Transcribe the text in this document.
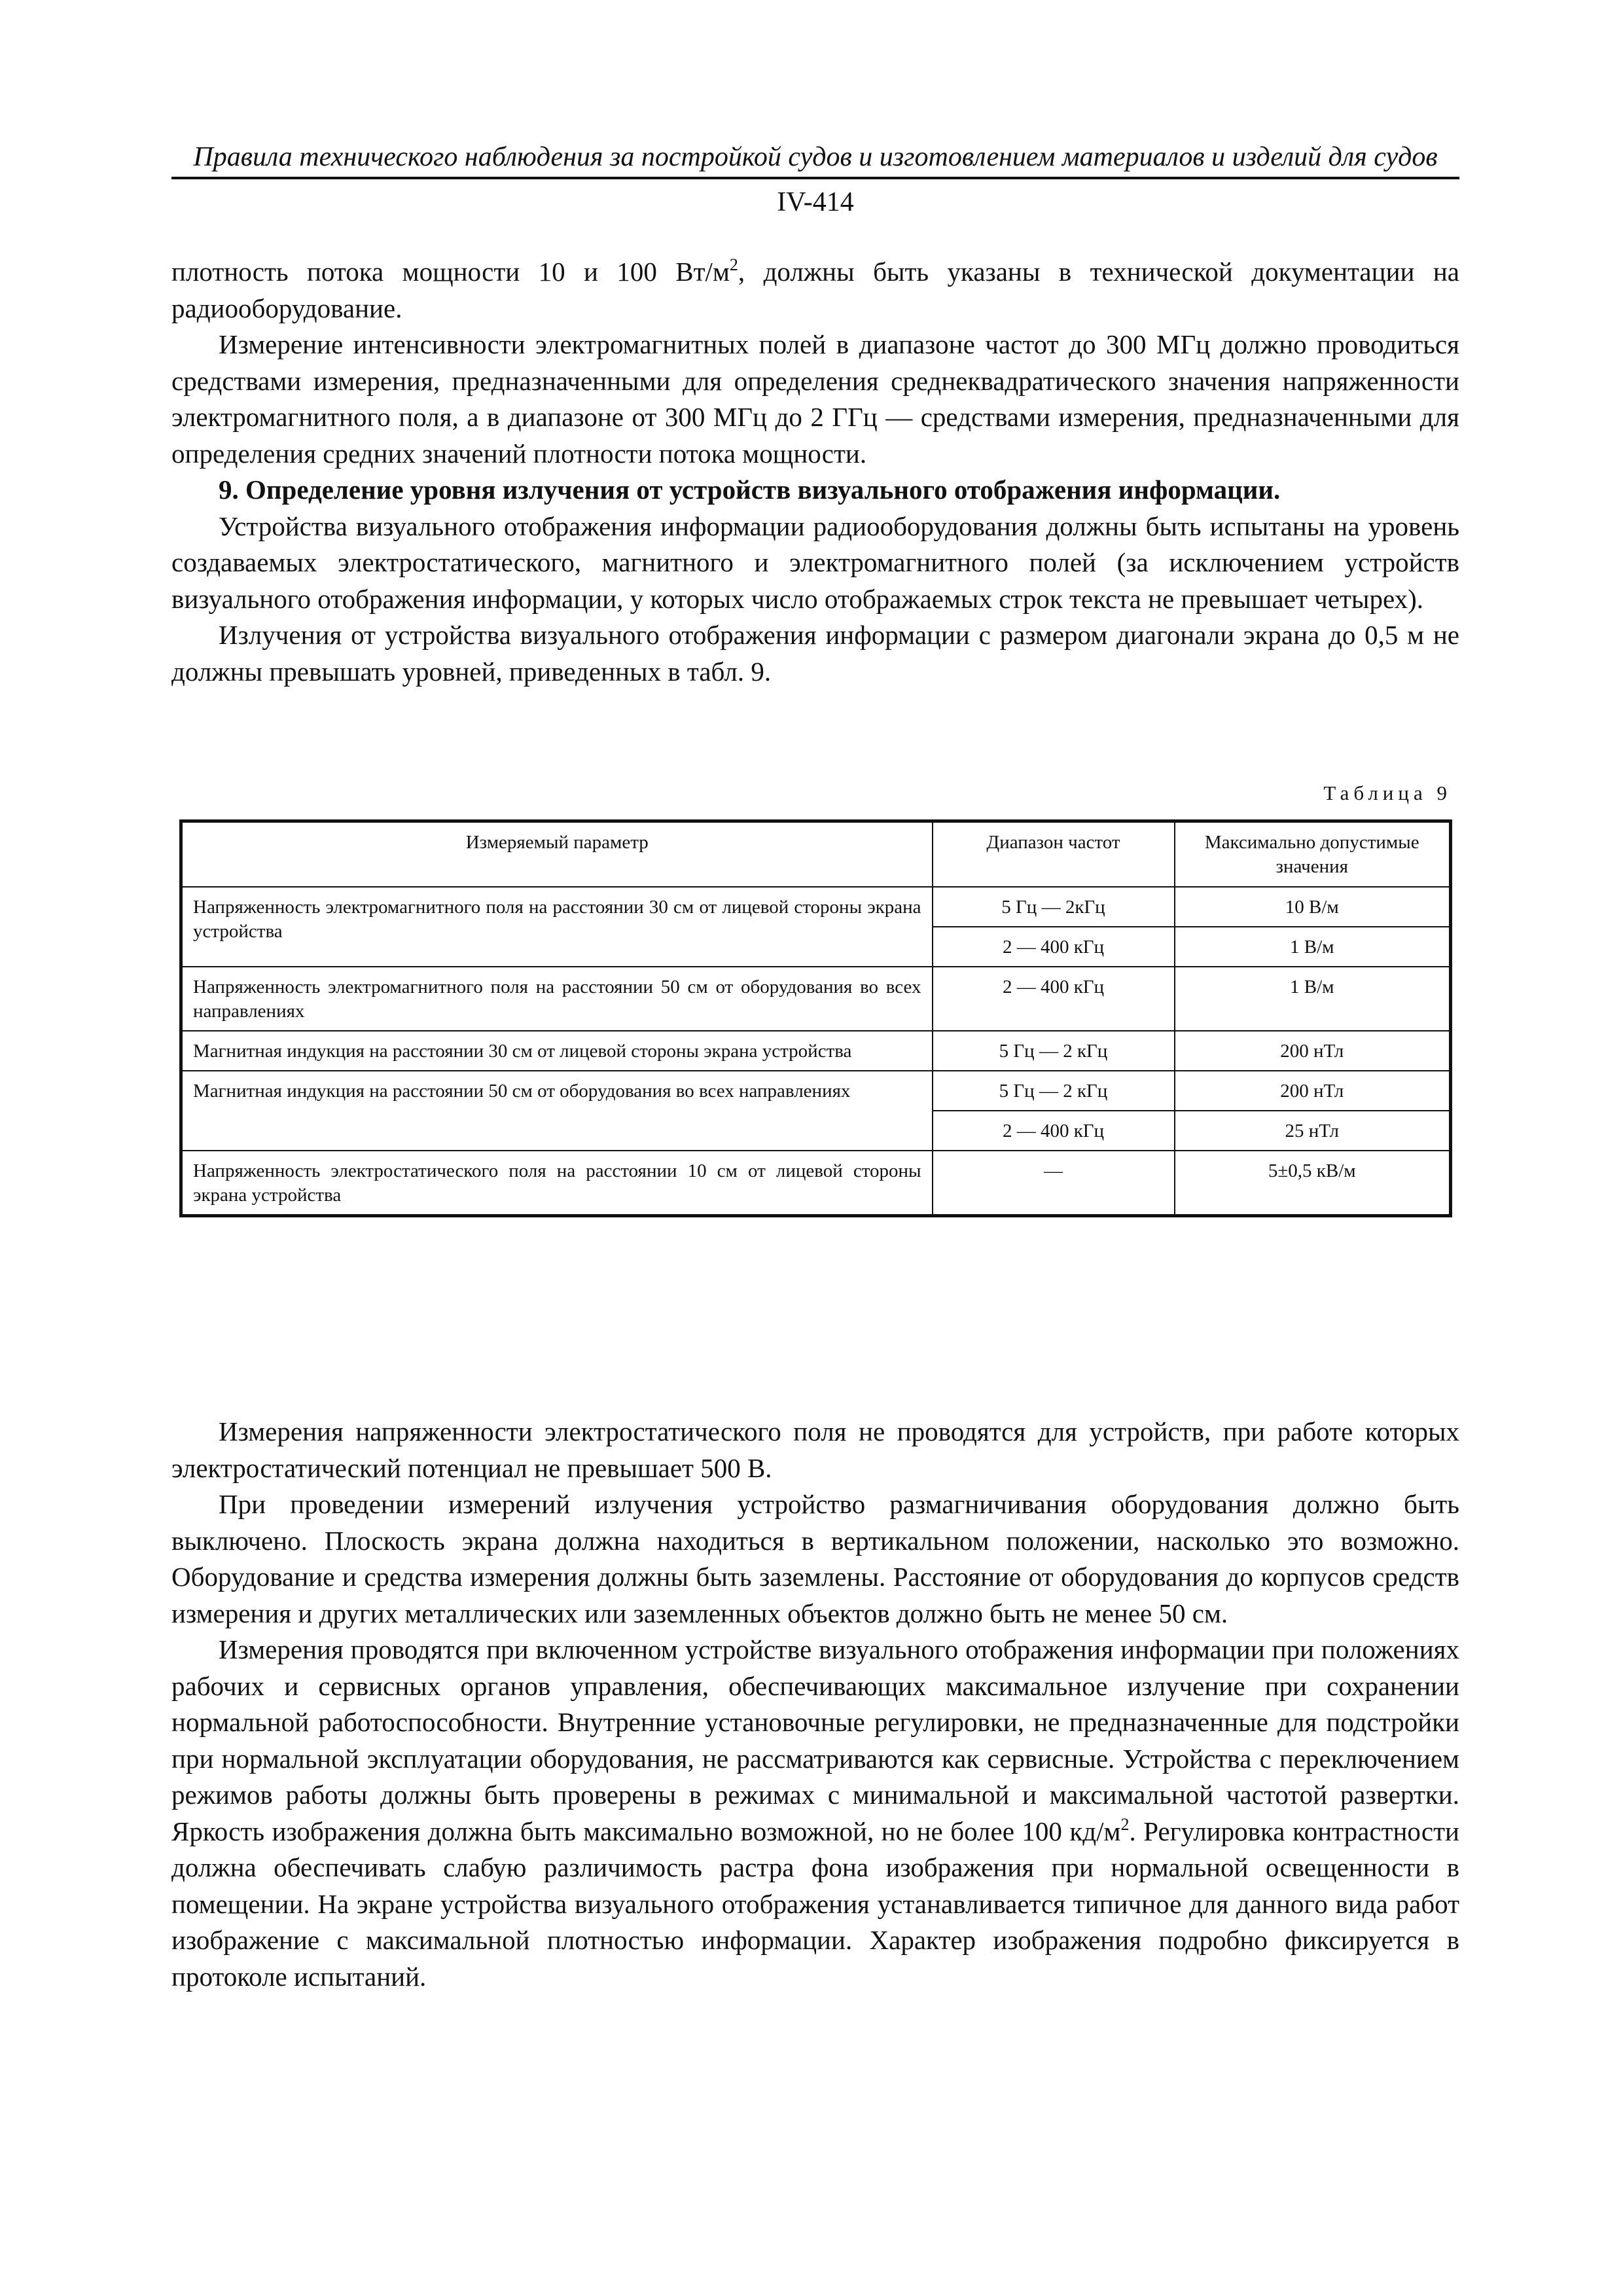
Правила технического наблюдения за постройкой судов и изготовлением материалов и изделий для судов
IV-414

плотность потока мощности 10 и 100 $Вт/м^2$, должны быть указаны в технической документации на радиооборудование.

Измерение интенсивности электромагнитных полей в диапазоне частот до 300 МГц должно проводиться средствами измерения, предназначенными для определения среднеквадратического значения напряженности электромагнитного поля, а в диапазоне от 300 МГц до 2 ГГц — средствами измерения, предназначенными для определения средних значений плотности потока мощности.

9. Определение уровня излучения от устройств визуального отображения информации.

Устройства визуального отображения информации радиооборудования должны быть испытаны на уровень создаваемых электростатического, магнитного и электромагнитного полей (за исключением устройств визуального отображения информации, у которых число отображаемых строк текста не превышает четырех).

Излучения от устройства визуального отображения информации с размером диагонали экрана до 0,5 м не должны превышать уровней, приведенных в табл. 9.

Таблица 9
Измеряемый параметр	Диапазон частот	Максимально допустимые значения
Напряженность электромагнитного поля на расстоянии 30 см от лицевой стороны экрана устройства	5 Гц — 2кГц	10 В/м
	2 — 400 кГц	1 В/м
Напряженность электромагнитного поля на расстоянии 50 см от оборудования во всех направлениях	2 — 400 кГц	1 В/м
Магнитная индукция на расстоянии 30 см от лицевой стороны экрана устройства	5 Гц — 2 кГц	200 нТл
Магнитная индукция на расстоянии 50 см от оборудования во всех направлениях	5 Гц — 2 кГц	200 нТл
	2 — 400 кГц	25 нТл
Напряженность электростатического поля на расстоянии 10 см от лицевой стороны экрана устройства	—	5±0,5 кВ/м

Измерения напряженности электростатического поля не проводятся для устройств, при работе которых электростатический потенциал не превышает 500 В.

При проведении измерений излучения устройство размагничивания оборудования должно быть выключено. Плоскость экрана должна находиться в вертикальном положении, насколько это возможно. Оборудование и средства измерения должны быть заземлены. Расстояние от оборудования до корпусов средств измерения и других металлических или заземленных объектов должно быть не менее 50 см.

Измерения проводятся при включенном устройстве визуального отображения информации при положениях рабочих и сервисных органов управления, обеспечивающих максимальное излучение при сохранении нормальной работоспособности. Внутренние установочные регулировки, не предназначенные для подстройки при нормальной эксплуатации оборудования, не рассматриваются как сервисные. Устройства с переключением режимов работы должны быть проверены в режимах с минимальной и максимальной частотой развертки. Яркость изображения должна быть максимально возможной, но не более 100 $кд/м^2$. Регулировка контрастности должна обеспечивать слабую различимость растра фона изображения при нормальной освещенности в помещении. На экране устройства визуального отображения устанавливается типичное для данного вида работ изображение с максимальной плотностью информации. Характер изображения подробно фиксируется в протоколе испытаний.
